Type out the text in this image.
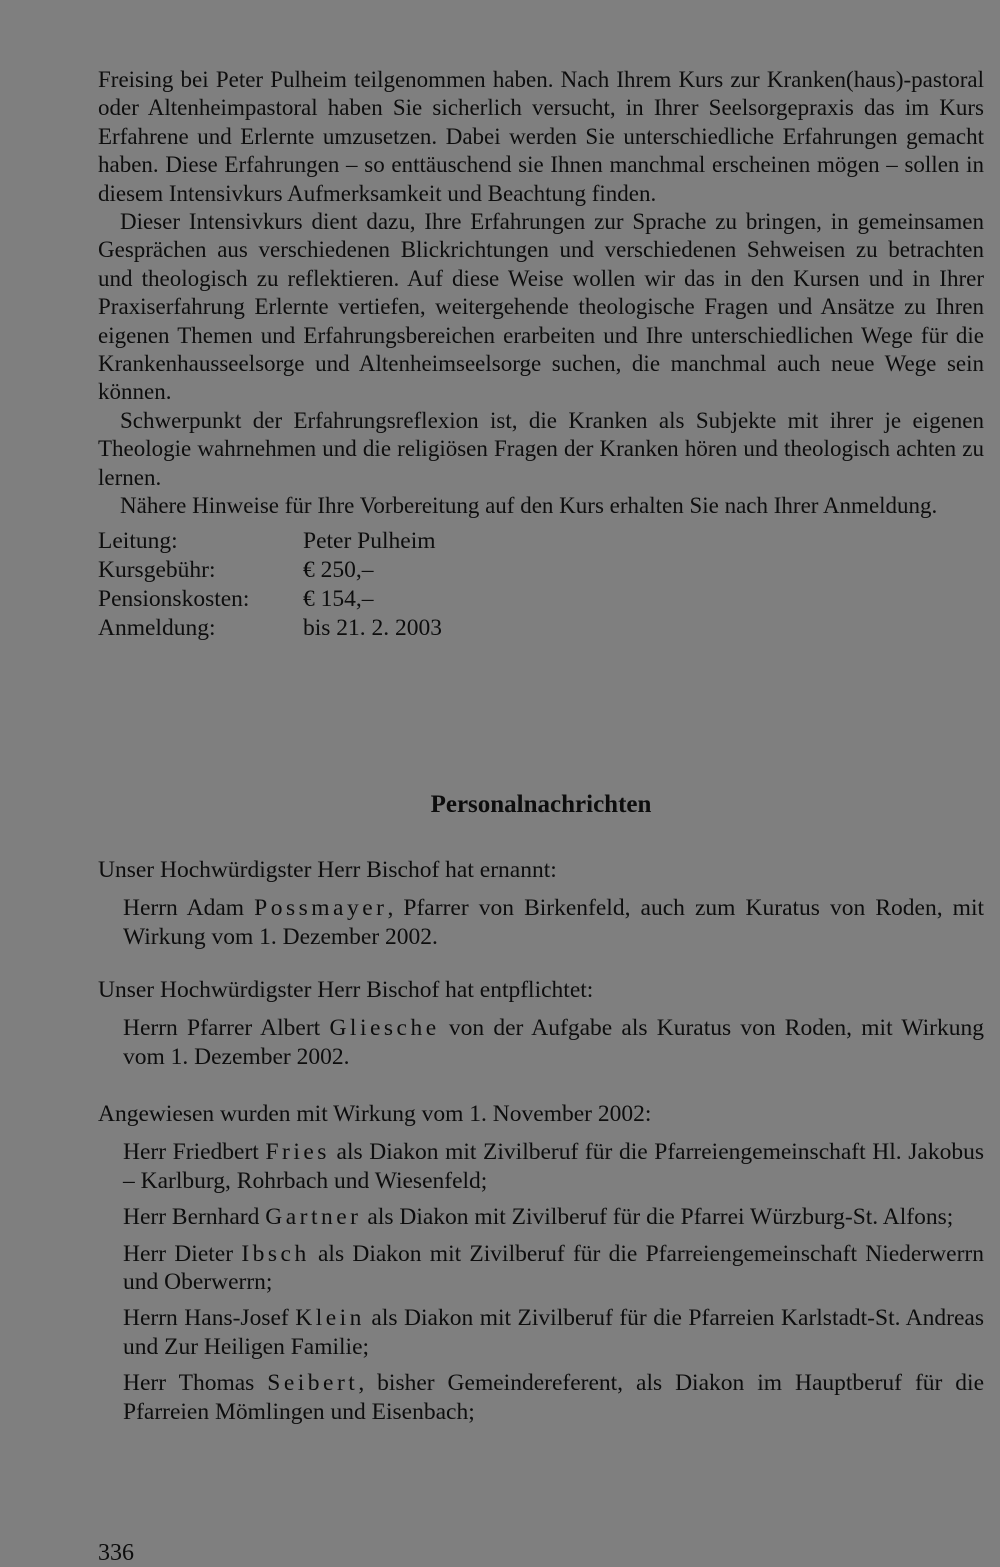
Freising bei Peter Pulheim teilgenommen haben. Nach Ihrem Kurs zur Kranken(haus)-pastoral oder Altenheimpastoral haben Sie sicherlich versucht, in Ihrer Seelsorgepraxis das im Kurs Erfahrene und Erlernte umzusetzen. Dabei werden Sie unterschiedliche Erfahrungen gemacht haben. Diese Erfahrungen – so enttäuschend sie Ihnen manchmal erscheinen mögen – sollen in diesem Intensivkurs Aufmerksamkeit und Beachtung finden.

Dieser Intensivkurs dient dazu, Ihre Erfahrungen zur Sprache zu bringen, in gemeinsamen Gesprächen aus verschiedenen Blickrichtungen und verschiedenen Sehweisen zu betrachten und theologisch zu reflektieren. Auf diese Weise wollen wir das in den Kursen und in Ihrer Praxiserfahrung Erlernte vertiefen, weitergehende theologische Fragen und Ansätze zu Ihren eigenen Themen und Erfahrungsbereichen erarbeiten und Ihre unterschiedlichen Wege für die Krankenhausseelsorge und Altenheimseelsorge suchen, die manchmal auch neue Wege sein können.

Schwerpunkt der Erfahrungsreflexion ist, die Kranken als Subjekte mit ihrer je eigenen Theologie wahrnehmen und die religiösen Fragen der Kranken hören und theologisch achten zu lernen.

Nähere Hinweise für Ihre Vorbereitung auf den Kurs erhalten Sie nach Ihrer Anmeldung.

Leitung:	Peter Pulheim
Kursgebühr:	€ 250,–
Pensionskosten:	€ 154,–
Anmeldung:	bis 21. 2. 2003
Personalnachrichten

Unser Hochwürdigster Herr Bischof hat ernannt:

Herrn Adam Possmayer, Pfarrer von Birkenfeld, auch zum Kuratus von Roden, mit Wirkung vom 1. Dezember 2002.

Unser Hochwürdigster Herr Bischof hat entpflichtet:

Herrn Pfarrer Albert Gliesche von der Aufgabe als Kuratus von Roden, mit Wirkung vom 1. Dezember 2002.

Angewiesen wurden mit Wirkung vom 1. November 2002:

Herr Friedbert Fries als Diakon mit Zivilberuf für die Pfarreiengemeinschaft Hl. Jakobus – Karlburg, Rohrbach und Wiesenfeld;

Herr Bernhard Gartner als Diakon mit Zivilberuf für die Pfarrei Würzburg-St. Alfons;

Herr Dieter Ibsch als Diakon mit Zivilberuf für die Pfarreiengemeinschaft Niederwerrn und Oberwerrn;

Herrn Hans-Josef Klein als Diakon mit Zivilberuf für die Pfarreien Karlstadt-St. Andreas und Zur Heiligen Familie;

Herr Thomas Seibert, bisher Gemeindereferent, als Diakon im Hauptberuf für die Pfarreien Mömlingen und Eisenbach;

336
